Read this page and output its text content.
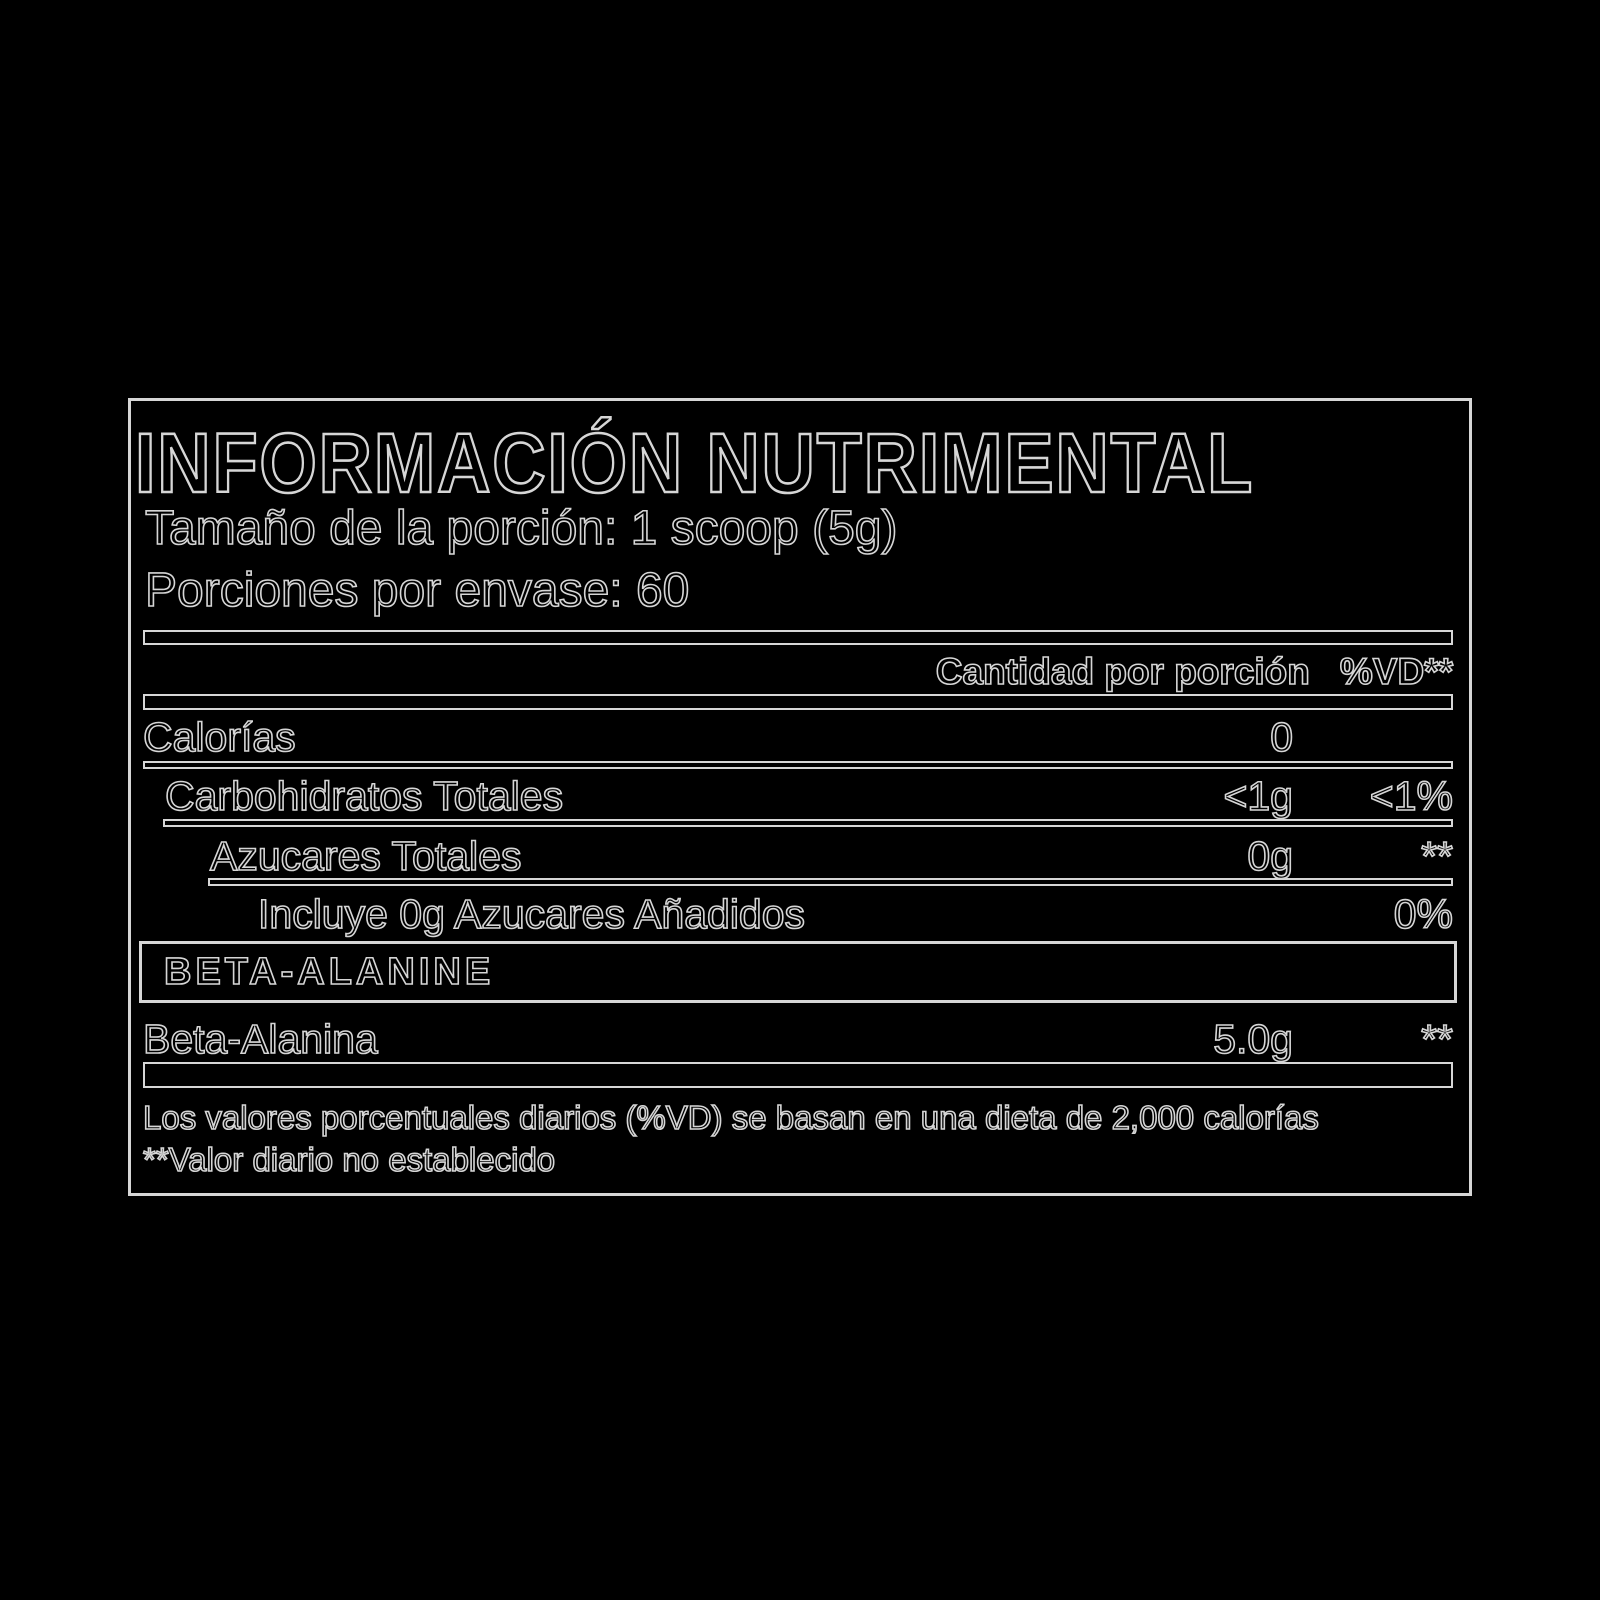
INFORMACIÓN NUTRIMENTAL
Tamaño de la porción: 1 scoop (5g)
Porciones por envase: 60
Cantidad por porción %VD**
Calorías	0
Carbohidratos Totales	<1g <1%
Azucares Totales	0g	**
Incluye 0g Azucares Añadidos	0%
BETA-ALANINE
Beta-Alanina	5.0g	**
Los valores porcentuales diarios (%VD) se basan en una dieta de 2,000 calorías
**Valor diario no establecido
